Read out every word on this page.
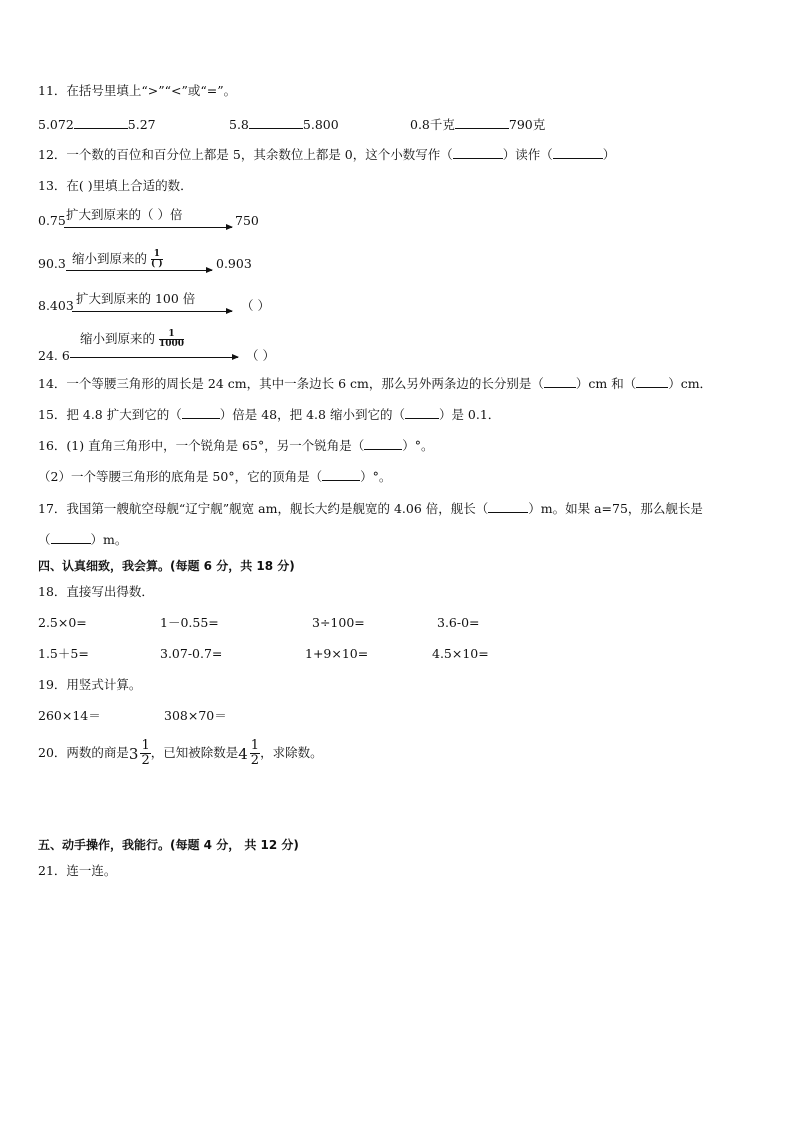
11．在括号里填上“>”“<”或“=”。
5.072	5.27	5.8	5.800	0.8千克	790克
12．一个数的百位和百分位上都是 5，其余数位上都是 0，这个小数写作（	）读作（	）
13．在( )里填上合适的数．
0.75 扩大到原来的（ ）倍	750
90.3 缩小到原来的 $\frac{1}{( )}$	0.903
8.403 扩大到原来的 100 倍	（ ）
24. 6
缩小到原来的 $\frac{1}{1000}$
（ ）
14．一个等腰三角形的周长是 24 cm，其中一条边长 6 cm，那么另外两条边的长分别是（	）cm 和（	）cm．
15．把 4.8 扩大到它的（	）倍是 48，把 4.8 缩小到它的（	）是 0.1．
16．(1) 直角三角形中，一个锐角是 65°，另一个锐角是（	）°。
（2）一个等腰三角形的底角是 50°，它的顶角是（	）°。
17．我国第一艘航空母舰“辽宁舰”舰宽 am，舰长大约是舰宽的 4.06 倍，舰长（	）m。如果 a=75，那么舰长是
（	）m。
四、认真细致，我会算。(每题 6 分，共 18 分)
18．直接写出得数．
2.5×0=	1－0.55=	3÷100=	3.6-0=
1.5＋5=	3.07-0.7=	1+9×10=	4.5×10=
19．用竖式计算。
260×14＝	308×70＝
20．两数的商是 $3 \frac{1}{2}$ ，已知被除数是 $4 \frac{1}{2}$ ，求除数。
五、动手操作，我能行。(每题 4 分， 共 12 分)
21．连一连。
